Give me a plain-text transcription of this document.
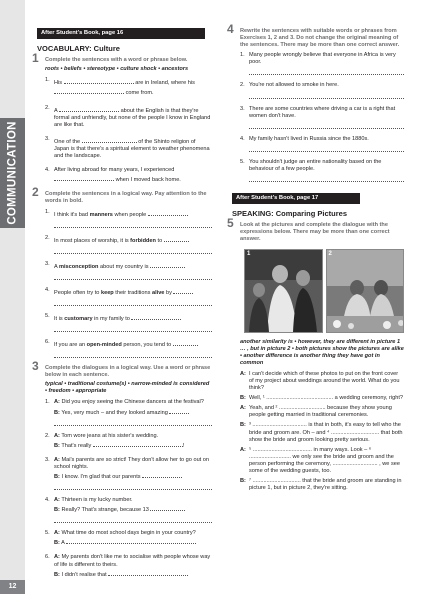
COMMUNICATION
12
After Student's Book, page 16
VOCABULARY: Culture
1 Complete the sentences with a word or phrase below.
roots • beliefs • stereotype • culture shock • ancestors
1. His	are in Ireland, where his
come from.
2. A	about the English is that they're formal and unfriendly, but none of the people I know in England are like that.
3. One of the	of the Shinto religion of Japan is that there's a spiritual element to weather phenomena and the landscape.
4. After living abroad for many years, I experienced
when I moved back home.
2 Complete the sentences in a logical way. Pay attention to the words in bold.
1. I think it's bad manners when people
2. In most places of worship, it is forbidden to
3. A misconception about my country is
4. People often try to keep their traditions alive by
5. It is customary in my family to
6. If you are an open-minded person, you tend to
3 Complete the dialogues in a logical way. Use a word or phrase below in each sentence.
typical • traditional costume(s) • narrow-minded is considered • freedom • appropriate
1. A: Did you enjoy seeing the Chinese dancers at the festival?
B: Yes, very much – and they looked amazing
2. A: Tom wore jeans at his sister's wedding.
B: That's really	!
3. A: Mai's parents are so strict! They don't allow her to go out on school nights.
B: I know. I'm glad that our parents
4. A: Thirteen is my lucky number.
B: Really? That's strange, because 13
5. A: What time do most school days begin in your country?
B: A
6. A: My parents don't like me to socialise with people whose way of life is different to theirs.
B: I didn't realise that
4 Rewrite the sentences with suitable words or phrases from Exercises 1, 2 and 3. Do not change the original meaning of the sentences. There may be more than one correct answer.
1. Many people wrongly believe that everyone in Africa is very poor.
2. You're not allowed to smoke in here.
3. There are some countries where driving a car is a right that women don't have.
4. My family hasn't lived in Russia since the 1880s.
5. You shouldn't judge an entire nationality based on the behaviour of a few people.
After Student's Book, page 17
SPEAKING: Comparing Pictures
5 Look at the pictures and complete the dialogue with the expressions below. There may be more than one correct answer.
1	2
another similarity is • however, they are different in picture 1 … , but in picture 2 • both pictures show the pictures are alike • another difference is another thing they have got in common
A: I can't decide which of these photos to put on the front cover of my project about weddings around the world. What do you think?
B: Well, ¹ ........................................... a wedding ceremony, right?
A: Yeah, and ² .............................. because they show young people getting married in traditional ceremonies.
B: ³ ................................... is that in both, it's easy to tell who the bride and groom are. Oh – and ⁴ ............................... that both show the bride and groom looking pretty serious.
A: ⁵ ...................................... in many ways. Look – ⁶ ........................... we only see the bride and groom and the person performing the ceremony, ............................. , we see some of the wedding guests, too.
B: ⁷ ............................... that the bride and groom are standing in picture 1, but in picture 2, they're sitting.
